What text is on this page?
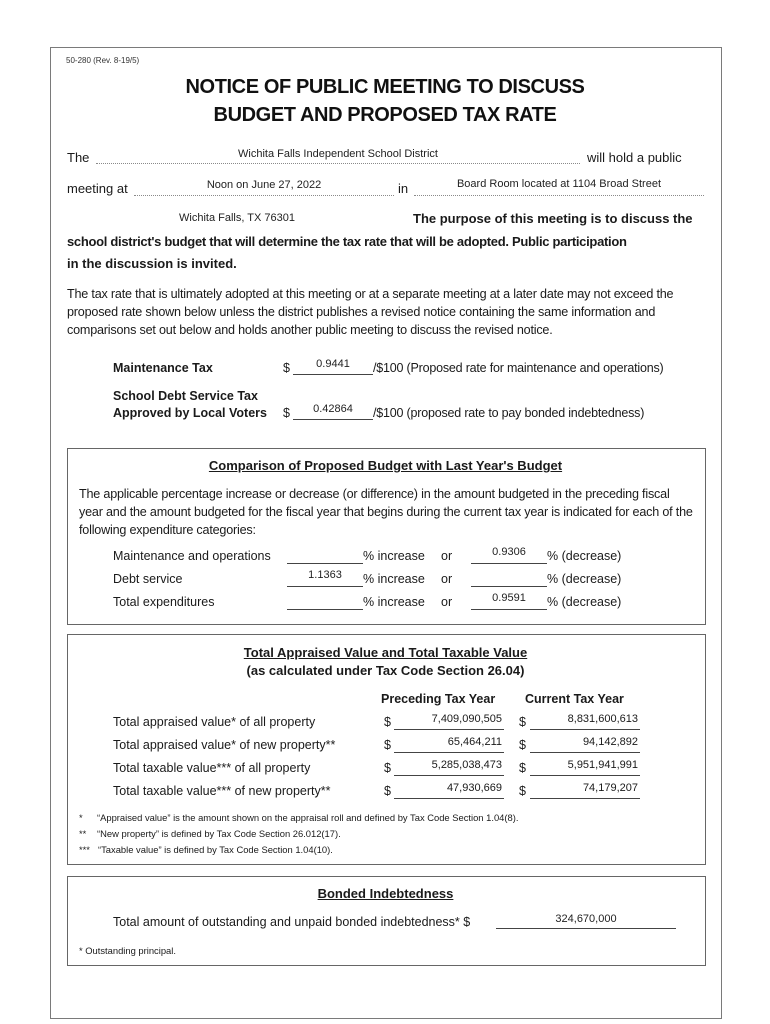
50-280 (Rev. 8-19/5)
NOTICE OF PUBLIC MEETING TO DISCUSS
BUDGET AND PROPOSED TAX RATE
The	Wichita Falls Independent School District	will hold a public
meeting at	Noon on June 27, 2022	in	Board Room located at 1104 Broad Street
Wichita Falls, TX 76301	The purpose of this meeting is to discuss the
school district's budget that will determine the tax rate that will be adopted. Public participation
in the discussion is invited.
The tax rate that is ultimately adopted at this meeting or at a separate meeting at a later date may not exceed the proposed rate shown below unless the district publishes a revised notice containing the same information and comparisons set out below and holds another public meeting to discuss the revised notice.
Maintenance Tax	$	0.9441	/$100 (Proposed rate for maintenance and operations)
School Debt Service Tax
Approved by Local Voters $	0.42864	/$100 (proposed rate to pay bonded indebtedness)
Comparison of Proposed Budget with Last Year's Budget
The applicable percentage increase or decrease (or difference) in the amount budgeted in the preceding fiscal year and the amount budgeted for the fiscal year that begins during the current tax year is indicated for each of the following expenditure categories:
Total Appraised Value and Total Taxable Value
(as calculated under Tax Code Section 26.04)
Preceding Tax Year Current Tax Year
Bonded Indebtedness
Total amount of outstanding and unpaid bonded indebtedness* $	324,670,000
* Outstanding principal.
Maintenance and operations	% increase or	0.9306	% (decrease)
Debt service	1.1363	% increase or	% (decrease)
Total expenditures	% increase or	0.9591	% (decrease)
Total appraised value* of all property	$	7,409,090,505 $	8,831,600,613
Total appraised value* of new property**	$	65,464,211 $	94,142,892
Total taxable value*** of all property	$	5,285,038,473 $	5,951,941,991
Total taxable value*** of new property**	$	47,930,669 $	74,179,207
* “Appraised value” is the amount shown on the appraisal roll and defined by Tax Code Section 1.04(8).
** “New property” is defined by Tax Code Section 26.012(17).
*** “Taxable value” is defined by Tax Code Section 1.04(10).
